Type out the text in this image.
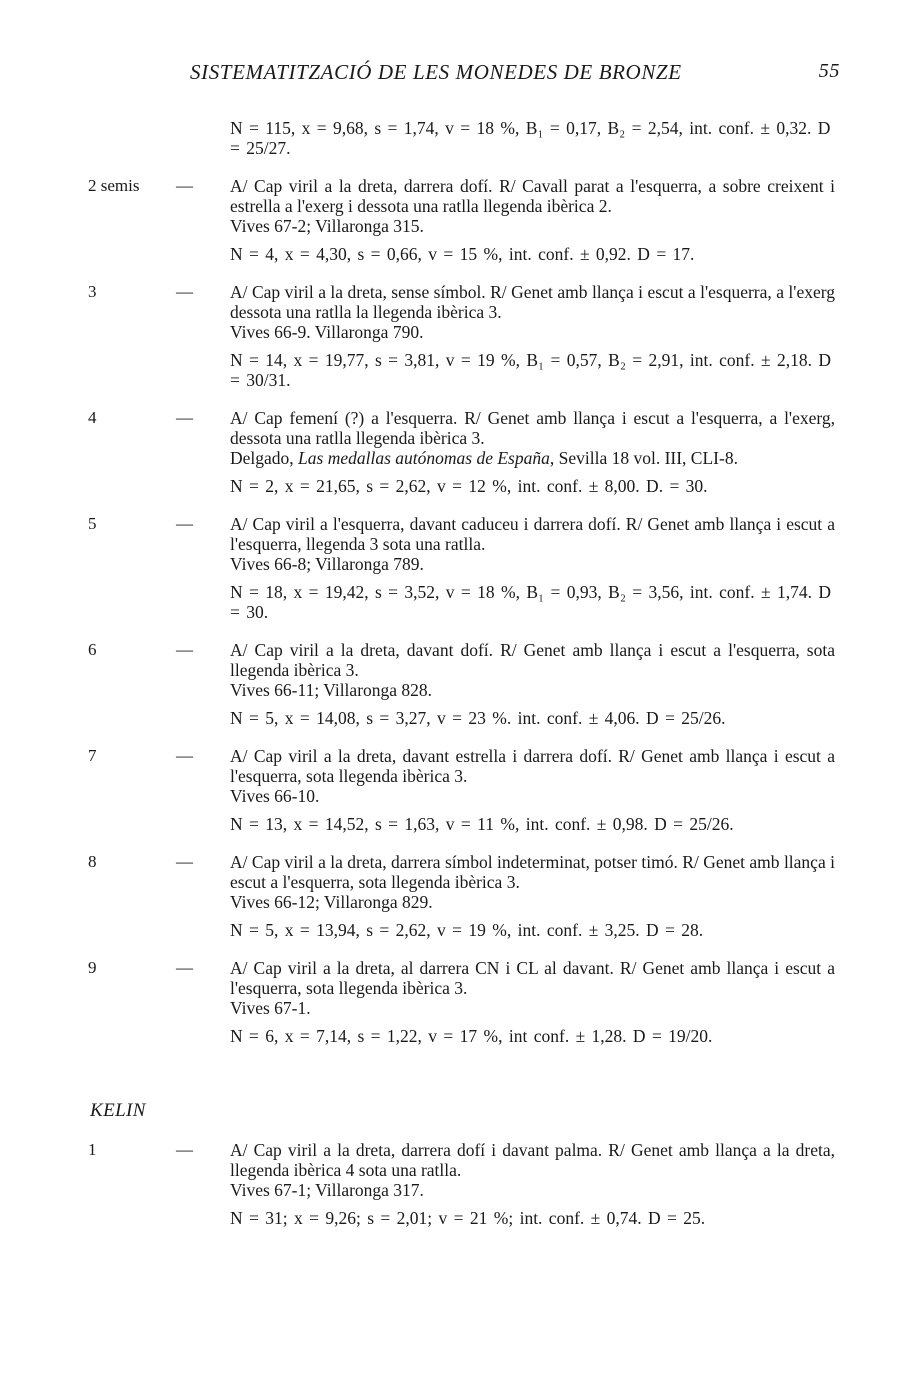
SISTEMATITZACIÓ DE LES MONEDES DE BRONZE	55

N = 115, x = 9,68, s = 1,74, v = 18 %, B₁ = 0,17, B₂ = 2,54, int. conf. ± 0,32. D = 25/27.

2 semis — A/ Cap viril a la dreta, darrera dofí. R/ Cavall parat a l'esquerra, a sobre creixent i estrella a l'exerg i dessota una ratlla llegenda ibèrica 2.

Vives 67-2; Villaronga 315.

N = 4, x = 4,30, s = 0,66, v = 15 %, int. conf. ± 0,92. D = 17.

3	— A/ Cap viril a la dreta, sense símbol. R/ Genet amb llança i escut a l'esquerra, a l'exerg dessota una ratlla la llegenda ibèrica 3.

Vives 66-9. Villaronga 790.

N = 14, x = 19,77, s = 3,81, v = 19 %, B₁ = 0,57, B₂ = 2,91, int. conf. ± 2,18. D = 30/31.

4	— A/ Cap femení (?) a l'esquerra. R/ Genet amb llança i escut a l'esquerra, a l'exerg, dessota una ratlla llegenda ibèrica 3.

Delgado, Las medallas autónomas de España, Sevilla 18 vol. III, CLI-8.

N = 2, x = 21,65, s = 2,62, v = 12 %, int. conf. ± 8,00. D. = 30.

5	— A/ Cap viril a l'esquerra, davant caduceu i darrera dofí. R/ Genet amb llança i escut a l'esquerra, llegenda 3 sota una ratlla.

Vives 66-8; Villaronga 789.

N = 18, x = 19,42, s = 3,52, v = 18 %, B₁ = 0,93, B₂ = 3,56, int. conf. ± 1,74. D = 30.

6	— A/ Cap viril a la dreta, davant dofí. R/ Genet amb llança i escut a l'esquerra, sota llegenda ibèrica 3.

Vives 66-11; Villaronga 828.

N = 5, x = 14,08, s = 3,27, v = 23 %. int. conf. ± 4,06. D = 25/26.

7	— A/ Cap viril a la dreta, davant estrella i darrera dofí. R/ Genet amb llança i escut a l'esquerra, sota llegenda ibèrica 3.

Vives 66-10.

N = 13, x = 14,52, s = 1,63, v = 11 %, int. conf. ± 0,98. D = 25/26.

8	— A/ Cap viril a la dreta, darrera símbol indeterminat, potser timó. R/ Genet amb llança i escut a l'esquerra, sota llegenda ibèrica 3.

Vives 66-12; Villaronga 829.

N = 5, x = 13,94, s = 2,62, v = 19 %, int. conf. ± 3,25. D = 28.

9	— A/ Cap viril a la dreta, al darrera CN i CL al davant. R/ Genet amb llança i escut a l'esquerra, sota llegenda ibèrica 3.

Vives 67-1.

N = 6, x = 7,14, s = 1,22, v = 17 %, int conf. ± 1,28. D = 19/20.

KELIN
1	— A/ Cap viril a la dreta, darrera dofí i davant palma. R/ Genet amb llança a la dreta, llegenda ibèrica 4 sota una ratlla.

Vives 67-1; Villaronga 317.

N = 31; x = 9,26; s = 2,01; v = 21 %; int. conf. ± 0,74. D = 25.
